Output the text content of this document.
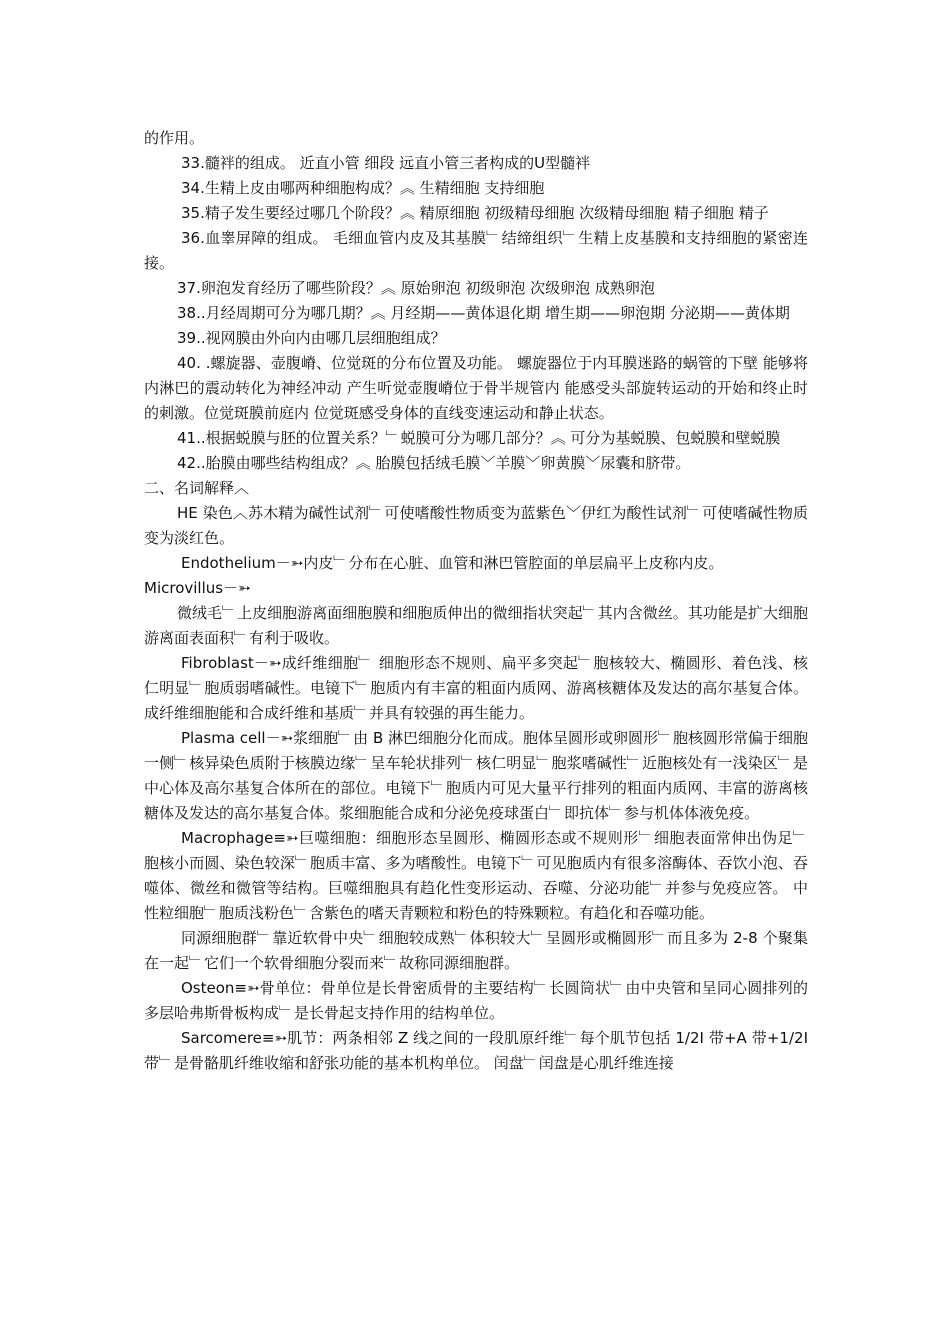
的作用。

33.髓袢的组成。 近直小管 细段 远直小管三者构成的U型髓袢

34.生精上皮由哪两种细胞构成？︽ 生精细胞 支持细胞

35.精子发生要经过哪几个阶段？︽ 精原细胞 初级精母细胞 次级精母细胞 精子细胞 精子

36.血睾屏障的组成。 毛细血管内皮及其基膜﹂结缔组织﹂生精上皮基膜和支持细胞的紧密连接。

37.卵泡发育经历了哪些阶段？︽ 原始卵泡 初级卵泡 次级卵泡 成熟卵泡

38..月经周期可分为哪几期？︽ 月经期——黄体退化期 增生期——卵泡期 分泌期——黄体期

39..视网膜由外向内由哪几层细胞组成？

40. .螺旋器、壶腹嵴、位觉斑的分布位置及功能。 螺旋器位于内耳膜迷路的蜗管的下壁 能够将内淋巴的震动转化为神经冲动 产生听觉壶腹嵴位于骨半规管内 能感受头部旋转运动的开始和终止时的刺激。位觉斑膜前庭内 位觉斑感受身体的直线变速运动和静止状态。

41..根据蜕膜与胚的位置关系？﹂蜕膜可分为哪几部分？︽ 可分为基蜕膜、包蜕膜和壁蜕膜

42..胎膜由哪些结构组成？︽ 胎膜包括绒毛膜﹀羊膜﹀卵黄膜﹀尿囊和脐带。

二、名词解释︿

HE 染色︿苏木精为碱性试剂﹂可使嗜酸性物质变为蓝紫色﹀伊红为酸性试剂﹂可使嗜碱性物质变为淡红色。

Endothelium－➳内皮﹂分布在心脏、血管和淋巴管腔面的单层扁平上皮称内皮。

Microvillus－➳

微绒毛﹂上皮细胞游离面细胞膜和细胞质伸出的微细指状突起﹂其内含微丝。其功能是扩大细胞游离面表面积﹂有利于吸收。

Fibroblast－➳成纤维细胞﹂ 细胞形态不规则、扁平多突起﹂胞核较大、椭圆形、着色浅、核仁明显﹂胞质弱嗜碱性。电镜下﹂胞质内有丰富的粗面内质网、游离核糖体及发达的高尔基复合体。成纤维细胞能和合成纤维和基质﹂并具有较强的再生能力。

Plasma cell－➳浆细胞﹂由 B 淋巴细胞分化而成。胞体呈圆形或卵圆形﹂胞核圆形常偏于细胞一侧﹂核异染色质附于核膜边缘﹂呈车轮状排列﹂核仁明显﹂胞浆嗜碱性﹂近胞核处有一浅染区﹂是中心体及高尔基复合体所在的部位。电镜下﹂胞质内可见大量平行排列的粗面内质网、丰富的游离核糖体及发达的高尔基复合体。浆细胞能合成和分泌免疫球蛋白﹂即抗体﹂参与机体体液免疫。

Macrophage≡➳巨噬细胞：细胞形态呈圆形、椭圆形态或不规则形﹂细胞表面常伸出伪足﹂胞核小而圆、染色较深﹂胞质丰富、多为嗜酸性。电镜下﹂可见胞质内有很多溶酶体、吞饮小泡、吞噬体、微丝和微管等结构。巨噬细胞具有趋化性变形运动、吞噬、分泌功能﹂并参与免疫应答。 中性粒细胞﹂胞质浅粉色﹂含紫色的嗜天青颗粒和粉色的特殊颗粒。有趋化和吞噬功能。

同源细胞群﹂靠近软骨中央﹂细胞较成熟﹂体积较大﹂呈圆形或椭圆形﹂而且多为 2-8 个聚集在一起﹂它们一个软骨细胞分裂而来﹂故称同源细胞群。

Osteon≡➳骨单位：骨单位是长骨密质骨的主要结构﹂长圆筒状﹂由中央管和呈同心圆排列的多层哈弗斯骨板构成﹂是长骨起支持作用的结构单位。

Sarcomere≡➳肌节：两条相邻 Z 线之间的一段肌原纤维﹂每个肌节包括 1/2I 带+A 带+1/2I 带﹂是骨骼肌纤维收缩和舒张功能的基本机构单位。 闰盘﹂闰盘是心肌纤维连接
